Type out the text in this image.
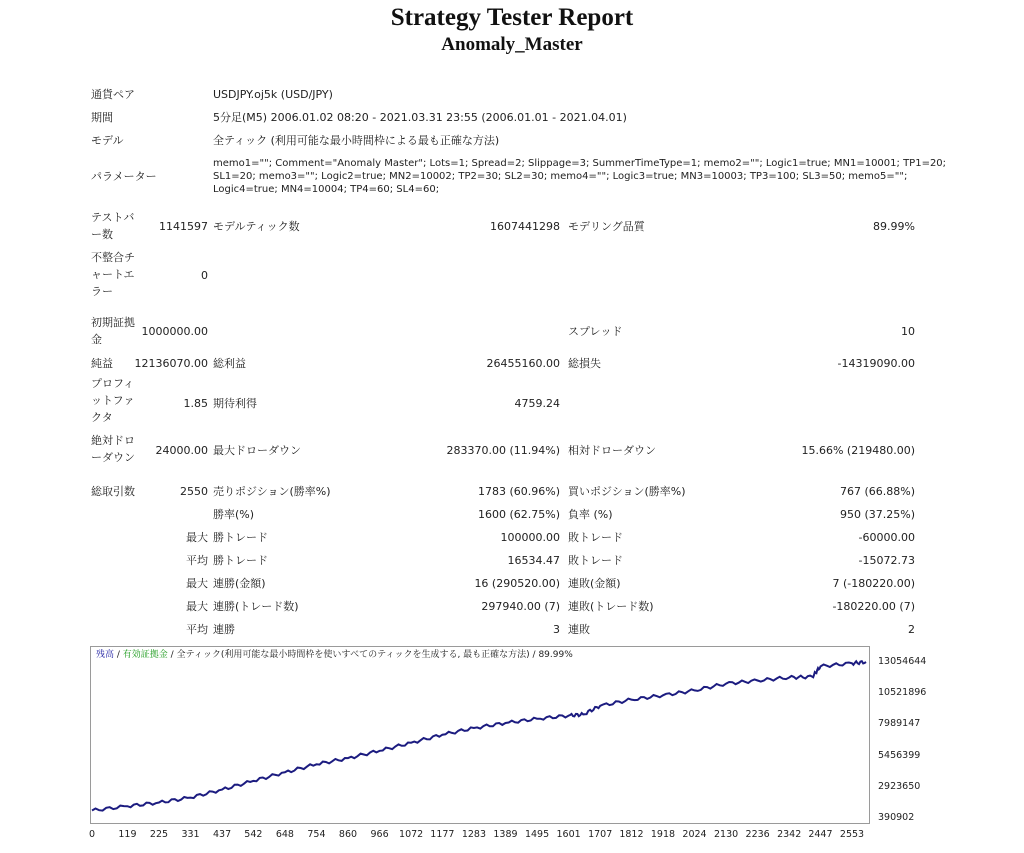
Strategy Tester Report
Anomaly_Master
通貨ペア	USDJPY.oj5k (USD/JPY)
期間	5分足(M5) 2006.01.02 08:20 - 2021.03.31 23:55 (2006.01.01 - 2021.04.01)
モデル	全ティック (利用可能な最小時間枠による最も正確な方法)
パラメーター
memo1=""; Comment="Anomaly Master"; Lots=1; Spread=2; Slippage=3; SummerTimeType=1; memo2=""; Logic1=true; MN1=10001; TP1=20;
SL1=20; memo3=""; Logic2=true; MN2=10002; TP2=30; SL2=30; memo4=""; Logic3=true; MN3=10003; TP3=100; SL3=50; memo5="";
Logic4=true; MN4=10004; TP4=60; SL4=60;
テストバ
ー数
1141597 モデルティック数	1607441298 モデリング品質	89.99%
不整合チ
ャートエ
ラー
0
初期証拠
金
1000000.00	スプレッド	10
純益	12136070.00 総利益	26455160.00 総損失	-14319090.00
プロフィ
ットファ
クタ
1.85 期待利得	4759.24
絶対ドロ
ーダウン
24000.00 最大ドローダウン	283370.00 (11.94%) 相対ドローダウン	15.66% (219480.00)
総取引数	2550 売りポジション(勝率%)	1783 (60.96%) 買いポジション(勝率%)	767 (66.88%)
勝率(%)	1600 (62.75%) 負率 (%)	950 (37.25%)
最大 勝トレード	100000.00 敗トレード	-60000.00
平均 勝トレード	16534.47 敗トレード	-15072.73
最大 連勝(金額)	16 (290520.00) 連敗(金額)	7 (-180220.00)
最大 連勝(トレード数)	297940.00 (7) 連敗(トレード数)	-180220.00 (7)
平均 連勝	3 連敗	2
残高 / 有効証拠金 / 全ティック(利用可能な最小時間枠を使いすべてのティックを生成する, 最も正確な方法) / 89.99%
13054644
10521896
7989147
5456399
2923650
390902
0 119 225 331 437 542 648 754 860 966 1072 1177 1283 1389 1495 1601 1707 1812 1918 2024 2130 2236 2342 2447 2553
